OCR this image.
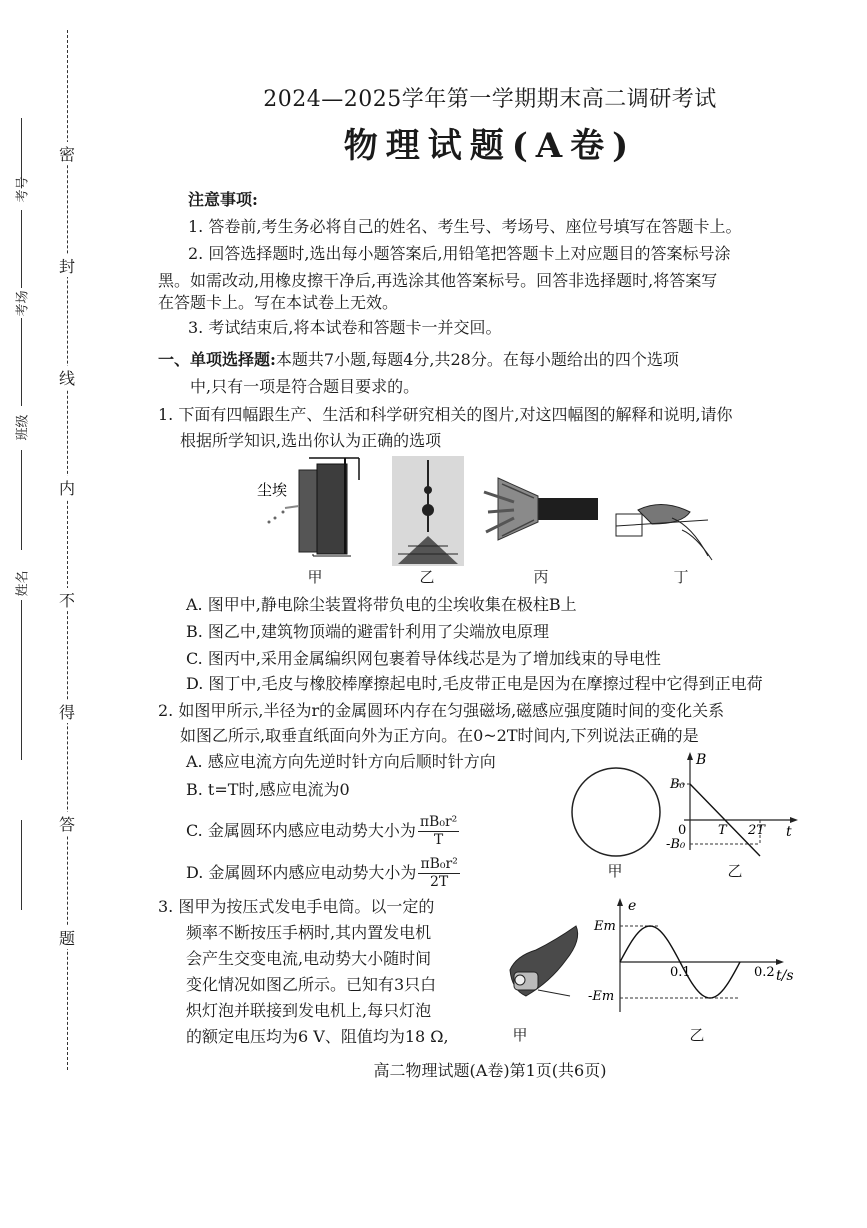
密
封
线
内
不
得
答
题
考号
考场
班级
姓名
2024—2025学年第一学期期末高二调研考试
物理试题(A卷)
注意事项:
1. 答卷前,考生务必将自己的姓名、考生号、考场号、座位号填写在答题卡上。
2. 回答选择题时,选出每小题答案后,用铅笔把答题卡上对应题目的答案标号涂
黑。如需改动,用橡皮擦干净后,再选涂其他答案标号。回答非选择题时,将答案写
在答题卡上。写在本试卷上无效。
3. 考试结束后,将本试卷和答题卡一并交回。
一、单项选择题:本题共7小题,每题4分,共28分。在每小题给出的四个选项
中,只有一项是符合题目要求的。
1. 下面有四幅跟生产、生活和科学研究相关的图片,对这四幅图的解释和说明,请你
根据所学知识,选出你认为正确的选项
尘埃
甲	乙	丙	丁
A. 图甲中,静电除尘装置将带负电的尘埃收集在极柱B上
B. 图乙中,建筑物顶端的避雷针利用了尖端放电原理
C. 图丙中,采用金属编织网包裹着导体线芯是为了增加线束的导电性
D. 图丁中,毛皮与橡胶棒摩擦起电时,毛皮带正电是因为在摩擦过程中它得到正电荷
2. 如图甲所示,半径为r的金属圆环内存在匀强磁场,磁感应强度随时间的变化关系
如图乙所示,取垂直纸面向外为正方向。在0~2T时间内,下列说法正确的是
A. 感应电流方向先逆时针方向后顺时针方向
B. t=T时,感应电流为0
C. 金属圆环内感应电动势大小为 $\frac{\text{πB₀r²}}{T}$
D. 金属圆环内感应电动势大小为 $\frac{\text{πB₀r²}}{2T}$	甲
B
t
B₀
-B₀
0 T 2T
乙
3. 图甲为按压式发电手电筒。以一定的
频率不断按压手柄时,其内置发电机
会产生交变电流,电动势大小随时间
变化情况如图乙所示。已知有3只白
炽灯泡并联接到发电机上,每只灯泡
的额定电压均为6 V、阻值均为18 Ω,	甲
e
t/s
Em
-Em
0.1	0.2
乙
高二物理试题(A卷)第1页(共6页)
